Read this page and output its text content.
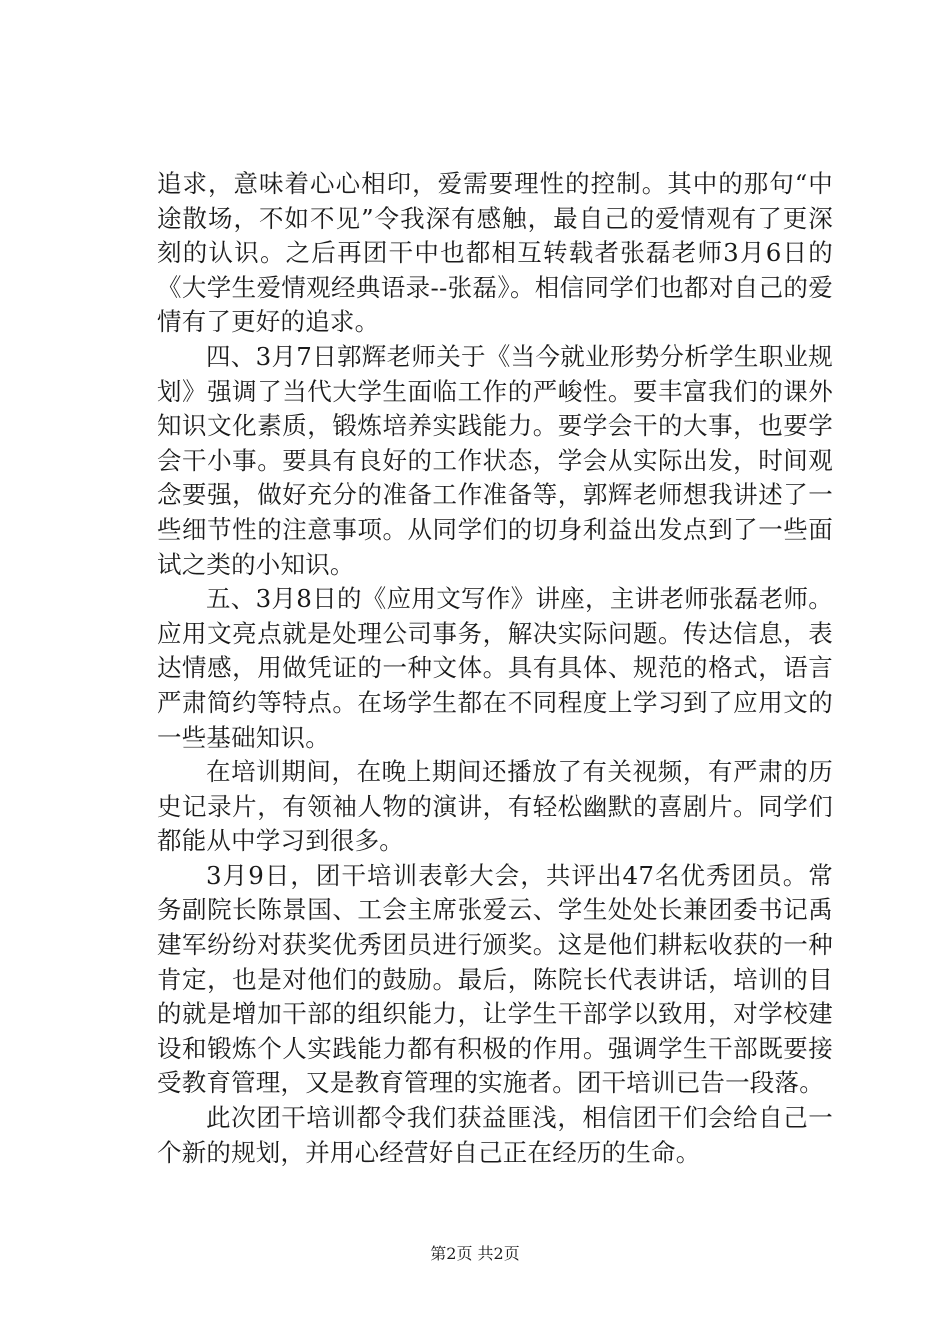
追求，意味着心心相印，爱需要理性的控制。其中的那句“中途散场，不如不见”令我深有感触，最自己的爱情观有了更深刻的认识。之后再团干中也都相互转载者张磊老师3月6日的《大学生爱情观经典语录--张磊》。相信同学们也都对自己的爱情有了更好的追求。

四、3月7日郭辉老师关于《当今就业形势分析学生职业规划》强调了当代大学生面临工作的严峻性。要丰富我们的课外知识文化素质，锻炼培养实践能力。要学会干的大事，也要学会干小事。要具有良好的工作状态，学会从实际出发，时间观念要强，做好充分的准备工作准备等，郭辉老师想我讲述了一些细节性的注意事项。从同学们的切身利益出发点到了一些面试之类的小知识。

五、3月8日的《应用文写作》讲座，主讲老师张磊老师。应用文亮点就是处理公司事务，解决实际问题。传达信息，表达情感，用做凭证的一种文体。具有具体、规范的格式，语言严肃简约等特点。在场学生都在不同程度上学习到了应用文的一些基础知识。

在培训期间，在晚上期间还播放了有关视频，有严肃的历史记录片，有领袖人物的演讲，有轻松幽默的喜剧片。同学们都能从中学习到很多。

3月9日，团干培训表彰大会，共评出47名优秀团员。常务副院长陈景国、工会主席张爱云、学生处处长兼团委书记禹建军纷纷对获奖优秀团员进行颁奖。这是他们耕耘收获的一种肯定，也是对他们的鼓励。最后，陈院长代表讲话，培训的目的就是增加干部的组织能力，让学生干部学以致用，对学校建设和锻炼个人实践能力都有积极的作用。强调学生干部既要接受教育管理，又是教育管理的实施者。团干培训已告一段落。

此次团干培训都令我们获益匪浅，相信团干们会给自己一个新的规划，并用心经营好自己正在经历的生命。

第2页 共2页
